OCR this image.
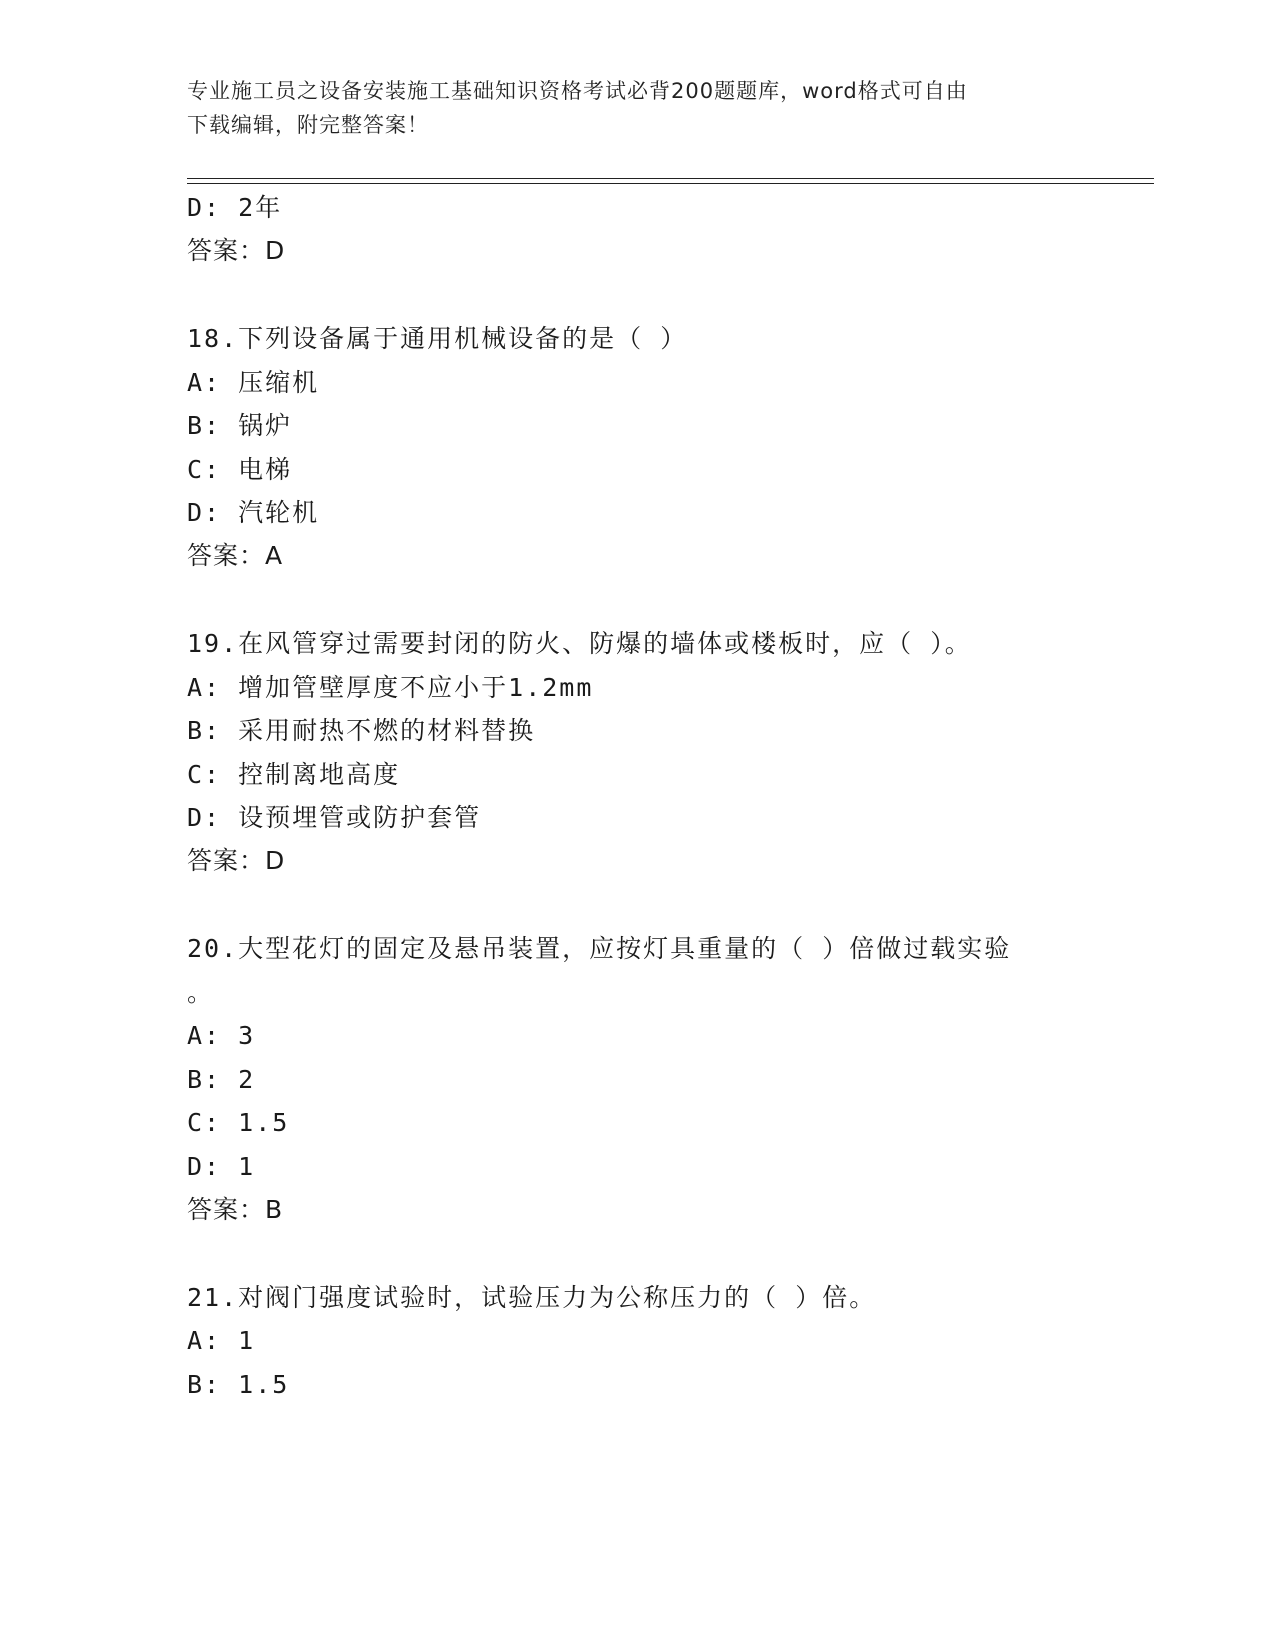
专业施工员之设备安装施工基础知识资格考试必背200题题库，word格式可自由
下载编辑，附完整答案！
D: 2年
答案：D
18.下列设备属于通用机械设备的是（ ）
A: 压缩机
B: 锅炉
C: 电梯
D: 汽轮机
答案：A
19.在风管穿过需要封闭的防火、防爆的墙体或楼板时，应（ ）。
A: 增加管壁厚度不应小于1.2mm
B: 采用耐热不燃的材料替换
C: 控制离地高度
D: 设预埋管或防护套管
答案：D
20.大型花灯的固定及悬吊装置，应按灯具重量的（ ）倍做过载实验
。
A: 3
B: 2
C: 1.5
D: 1
答案：B
21.对阀门强度试验时，试验压力为公称压力的（ ）倍。
A: 1
B: 1.5
